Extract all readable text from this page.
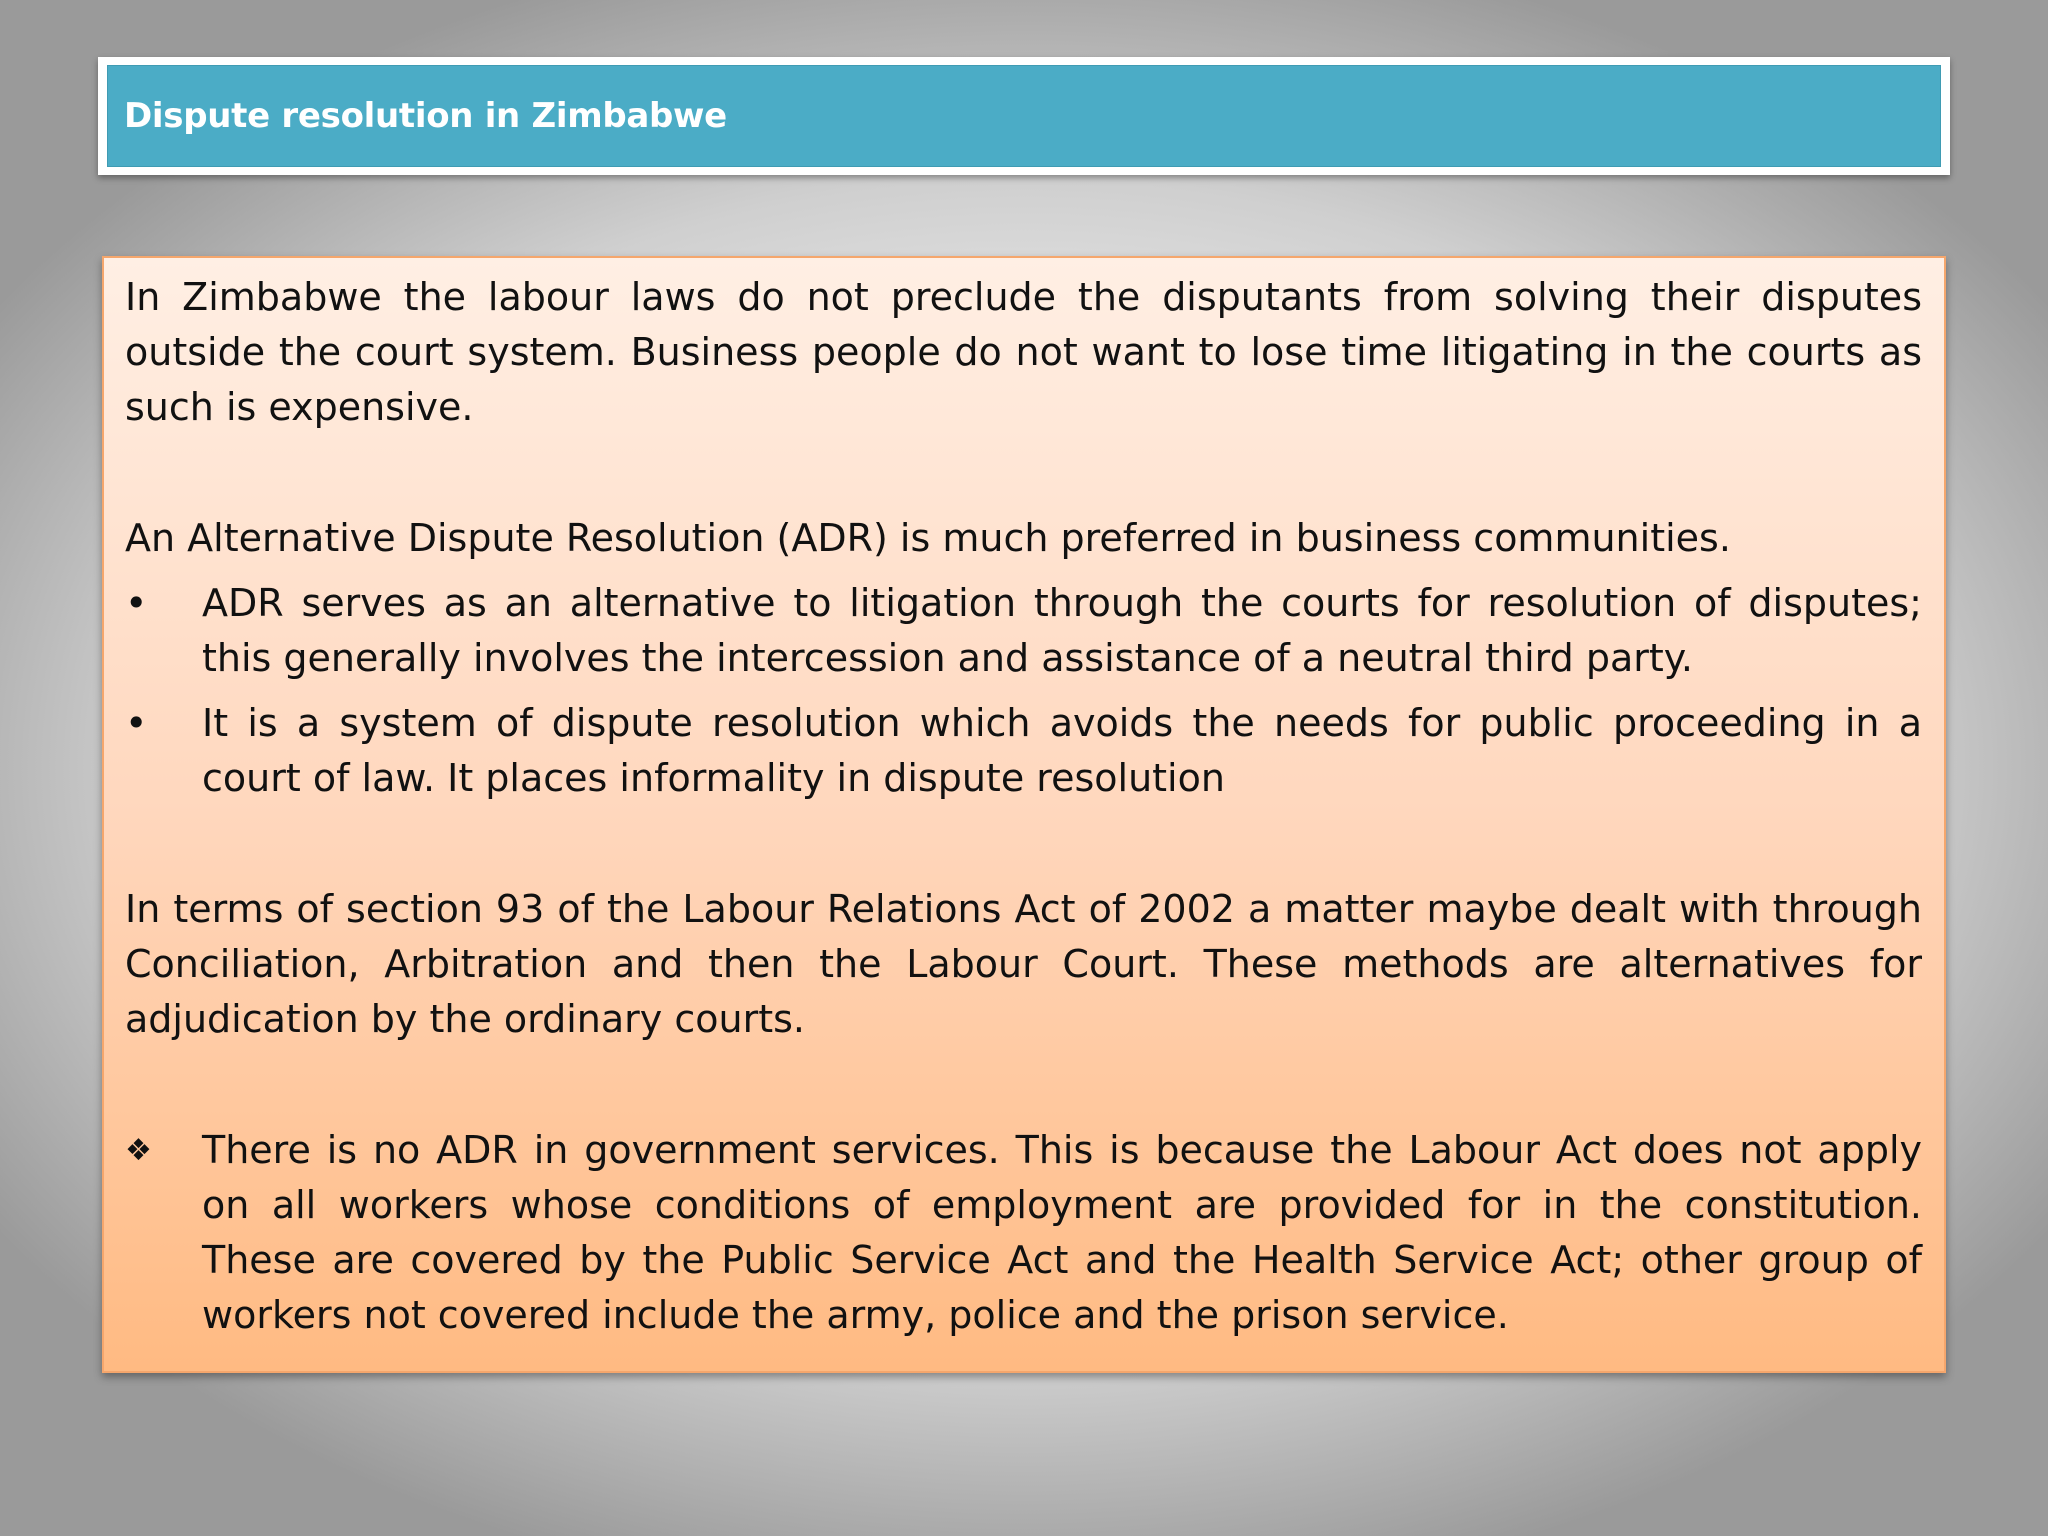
Dispute resolution in Zimbabwe

In Zimbabwe the labour laws do not preclude the disputants from solving their disputes outside the court system. Business people do not want to lose time litigating in the courts as such is expensive.

An Alternative Dispute Resolution (ADR) is much preferred in business communities.

•	ADR serves as an alternative to litigation through the courts for resolution of disputes; this generally involves the intercession and assistance of a neutral third party.
•	It is a system of dispute resolution which avoids the needs for public proceeding in a court of law. It places informality in dispute resolution

In terms of section 93 of the Labour Relations Act of 2002 a matter maybe dealt with through Conciliation, Arbitration and then the Labour Court. These methods are alternatives for adjudication by the ordinary courts.

❖	There is no ADR in government services. This is because the Labour Act does not apply on all workers whose conditions of employment are provided for in the constitution. These are covered by the Public Service Act and the Health Service Act; other group of workers not covered include the army, police and the prison service.
